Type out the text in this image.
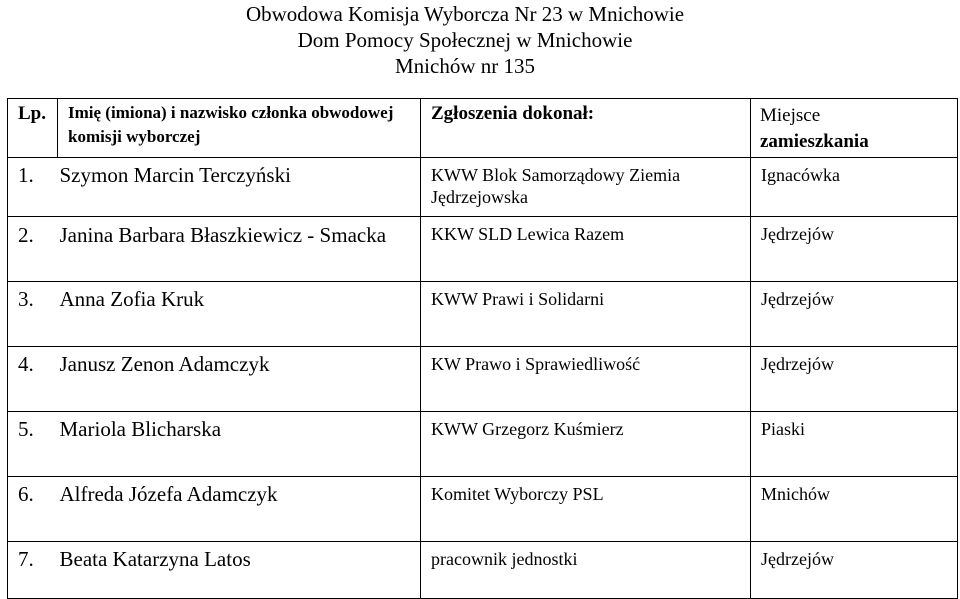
Obwodowa Komisja Wyborcza Nr 23 w Mnichowie
Dom Pomocy Społecznej w Mnichowie
Mnichów nr 135
Lp.	Imię (imiona) i nazwisko członka obwodowej komisji wyborczej	Zgłoszenia dokonał:	Miejsce
zamieszkania

1.	Szymon Marcin Terczyński	KWW Blok Samorządowy Ziemia Jędrzejowska	Ignacówka
2.	Janina Barbara Błaszkiewicz - Smacka	KKW SLD Lewica Razem	Jędrzejów
3.	Anna Zofia Kruk	KWW Prawi i Solidarni	Jędrzejów
4.	Janusz Zenon Adamczyk	KW Prawo i Sprawiedliwość	Jędrzejów
5.	Mariola Blicharska	KWW Grzegorz Kuśmierz	Piaski
6.	Alfreda Józefa Adamczyk	Komitet Wyborczy PSL	Mnichów
7.	Beata Katarzyna Latos	pracownik jednostki	Jędrzejów
